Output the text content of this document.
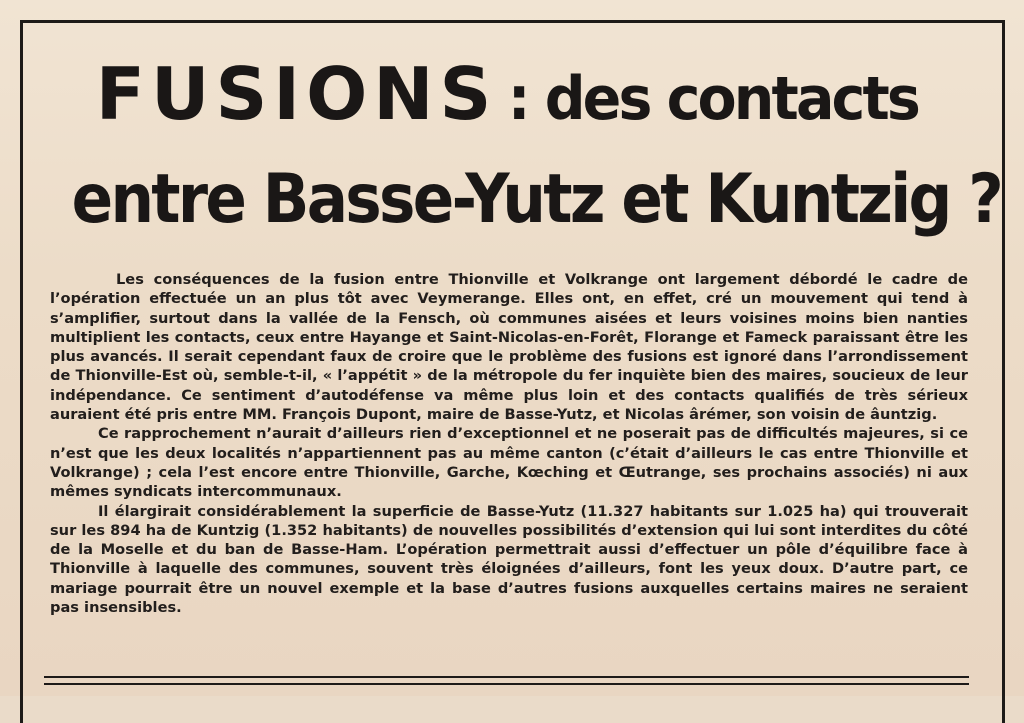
FUSIONS: des contacts
entre Basse-Yutz et Kuntzig ?

Les conséquences de la fusion entre Thionville et Volkrange ont largement débordé le cadre de l’opération effectuée un an plus tôt avec Veymerange. Elles ont, en effet, cré un mouvement qui tend à s’amplifier, surtout dans la vallée de la Fensch, où communes aisées et leurs voisines moins bien nanties multiplient les contacts, ceux entre Hayange et Saint-Nicolas-en-Forêt, Florange et Fameck paraissant être les plus avancés. Il serait cependant faux de croire que le problème des fusions est ignoré dans l’arrondissement de Thionville-Est où, semble-t-il, « l’appétit » de la métropole du fer inquiète bien des maires, soucieux de leur indépendance. Ce sentiment d’autodéfense va même plus loin et des contacts qualifiés de très sérieux auraient été pris entre MM. François Dupont, maire de Basse-Yutz, et Nicolas ârémer, son voisin de âuntzig.

Ce rapprochement n’aurait d’ailleurs rien d’exceptionnel et ne poserait pas de difficultés majeures, si ce n’est que les deux localités n’appartiennent pas au même canton (c’était d’ailleurs le cas entre Thionville et Volkrange) ; cela l’est encore entre Thionville, Garche, Kœching et Œutrange, ses prochains associés) ni aux mêmes syndicats intercommunaux.

Il élargirait considérablement la superficie de Basse-Yutz (11.327 habitants sur 1.025 ha) qui trouverait sur les 894 ha de Kuntzig (1.352 habitants) de nouvelles possibilités d’extension qui lui sont interdites du côté de la Moselle et du ban de Basse-Ham. L’opération permettrait aussi d’effectuer un pôle d’équilibre face à Thionville à laquelle des communes, souvent très éloignées d’ailleurs, font les yeux doux. D’autre part, ce mariage pourrait être un nouvel exemple et la base d’autres fusions auxquelles certains maires ne seraient pas insensibles.
